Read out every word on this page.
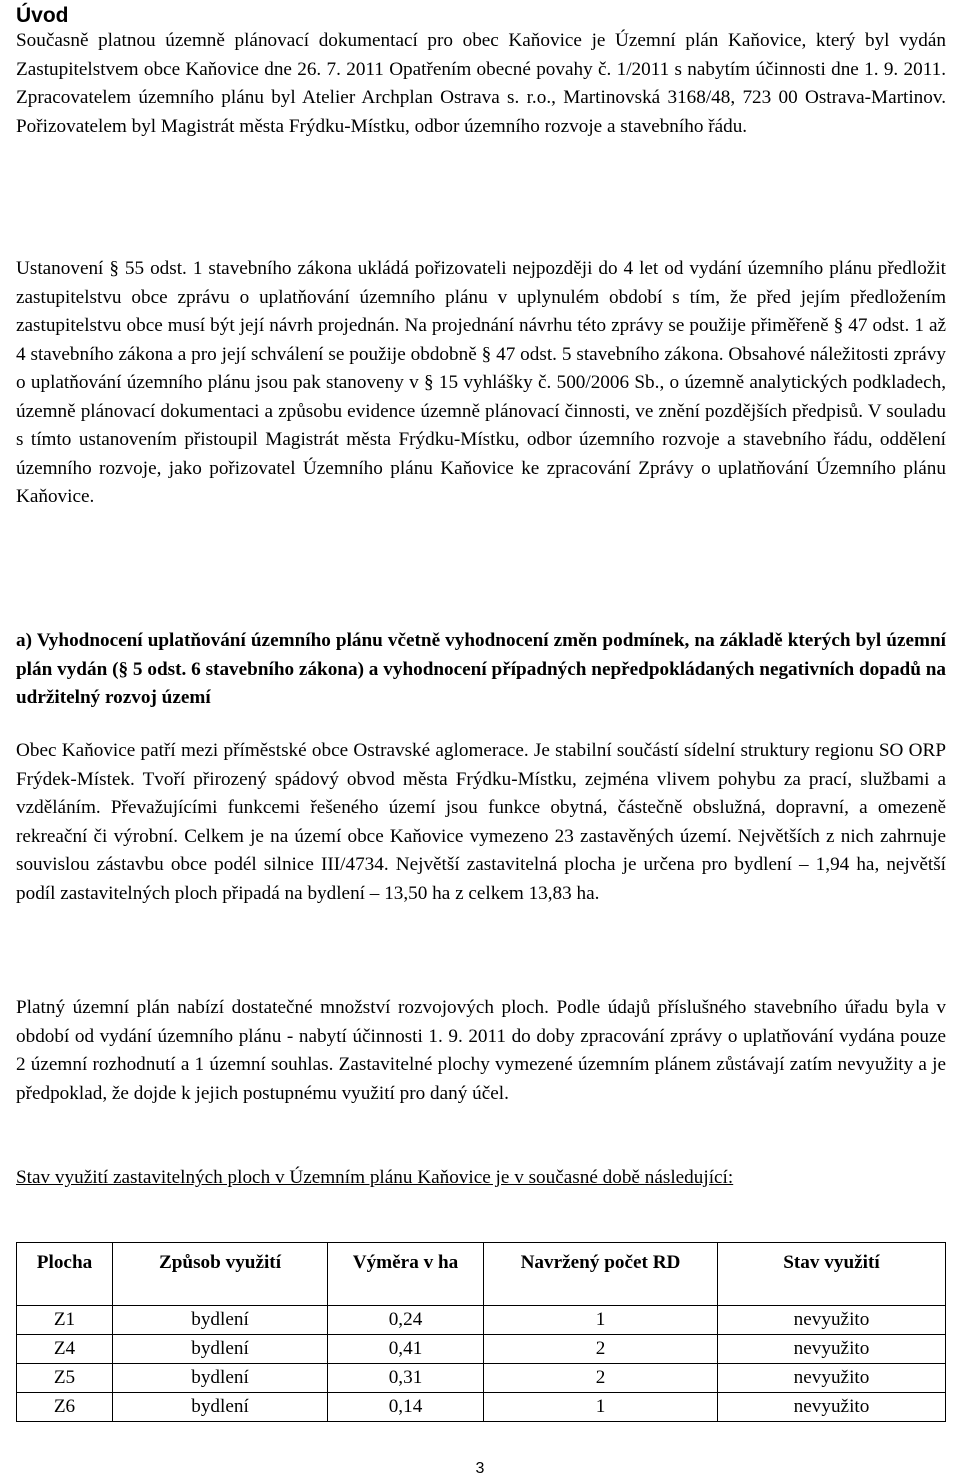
Úvod

Současně platnou územně plánovací dokumentací pro obec Kaňovice je Územní plán Kaňovice, který byl vydán Zastupitelstvem obce Kaňovice dne 26. 7. 2011 Opatřením obecné povahy č. 1/2011 s nabytím účinnosti dne 1. 9. 2011. Zpracovatelem územního plánu byl Atelier Archplan Ostrava s. r.o., Martinovská 3168/48, 723 00 Ostrava-Martinov. Pořizovatelem byl Magistrát města Frýdku-Místku, odbor územního rozvoje a stavebního řádu.

Ustanovení § 55 odst. 1 stavebního zákona ukládá pořizovateli nejpozději do 4 let od vydání územního plánu předložit zastupitelstvu obce zprávu o uplatňování územního plánu v uplynulém období s tím, že před jejím předložením zastupitelstvu obce musí být její návrh projednán. Na projednání návrhu této zprávy se použije přiměřeně § 47 odst. 1 až 4 stavebního zákona a pro její schválení se použije obdobně § 47 odst. 5 stavebního zákona. Obsahové náležitosti zprávy o uplatňování územního plánu jsou pak stanoveny v § 15 vyhlášky č. 500/2006 Sb., o územně analytických podkladech, územně plánovací dokumentaci a způsobu evidence územně plánovací činnosti, ve znění pozdějších předpisů. V souladu s tímto ustanovením přistoupil Magistrát města Frýdku-Místku, odbor územního rozvoje a stavebního řádu, oddělení územního rozvoje, jako pořizovatel Územního plánu Kaňovice ke zpracování Zprávy o uplatňování Územního plánu Kaňovice.

a) Vyhodnocení uplatňování územního plánu včetně vyhodnocení změn podmínek, na základě kterých byl územní plán vydán (§ 5 odst. 6 stavebního zákona) a vyhodnocení případných nepředpokládaných negativních dopadů na udržitelný rozvoj území

Obec Kaňovice patří mezi příměstské obce Ostravské aglomerace. Je stabilní součástí sídelní struktury regionu SO ORP Frýdek-Místek. Tvoří přirozený spádový obvod města Frýdku-Místku, zejména vlivem pohybu za prací, službami a vzděláním. Převažujícími funkcemi řešeného území jsou funkce obytná, částečně obslužná, dopravní, a omezeně rekreační či výrobní. Celkem je na území obce Kaňovice vymezeno 23 zastavěných území. Největších z nich zahrnuje souvislou zástavbu obce podél silnice III/4734. Největší zastavitelná plocha je určena pro bydlení – 1,94 ha, největší podíl zastavitelných ploch připadá na bydlení – 13,50 ha z celkem 13,83 ha.

Platný územní plán nabízí dostatečné množství rozvojových ploch. Podle údajů příslušného stavebního úřadu byla v období od vydání územního plánu - nabytí účinnosti 1. 9. 2011 do doby zpracování zprávy o uplatňování vydána pouze 2 územní rozhodnutí a 1 územní souhlas. Zastavitelné plochy vymezené územním plánem zůstávají zatím nevyužity a je předpoklad, že dojde k jejich postupnému využití pro daný účel.

Stav využití zastavitelných ploch v Územním plánu Kaňovice je v současné době následující:

Plocha	Způsob využití	Výměra v ha	Navržený počet RD	Stav využití
Z1	bydlení	0,24	1	nevyužito
Z4	bydlení	0,41	2	nevyužito
Z5	bydlení	0,31	2	nevyužito
Z6	bydlení	0,14	1	nevyužito
3
